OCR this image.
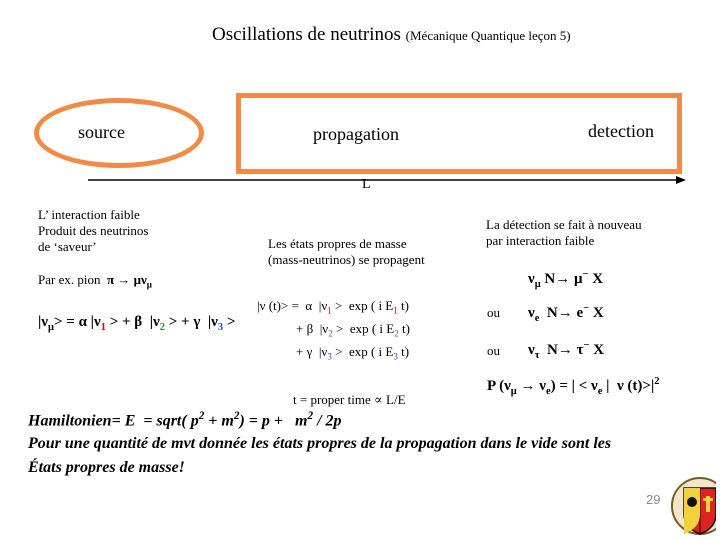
Oscillations de neutrinos (Mécanique Quantique leçon 5)
source	propagation	detection
L
L’ interaction faible
Produit des neutrinos
de ‘saveur’
Par ex. pion  $\pi \to \mu\nu_\mu$
$|\nu_\mu> = \alpha$ $|\nu_1$ > + β  $|\nu_2$ > + γ  $|\nu_3$ >
Les états propres de masse
(mass-neutrinos) se propagent
|ν (t)> =  α  $|\nu_1 > \exp$ ( i $E_1$ t)
+ β  $|\nu_2 > \exp$ ( i $E_2$ t)
+ γ  $|\nu_3 > \exp$ ( i $E_3$ t)
t = proper time ∝ L/E
La détection se fait à nouveau
par interaction faible
$\nu_\mu$ N→ μ− X
ou $\nu_e$  N→ e− X
ou $\nu_\tau$  N→ τ− X
P $(\nu_\mu \to \nu_e)$ = | < $\nu_e$ |  ν $(t)>|^2$
Hamiltonien= E  = sqrt( $p^2 + m^2) = p + m^2 / 2p$
Pour une quantité de mvt donnée les états propres de la propagation dans le vide sont les
États propres de masse!
29
